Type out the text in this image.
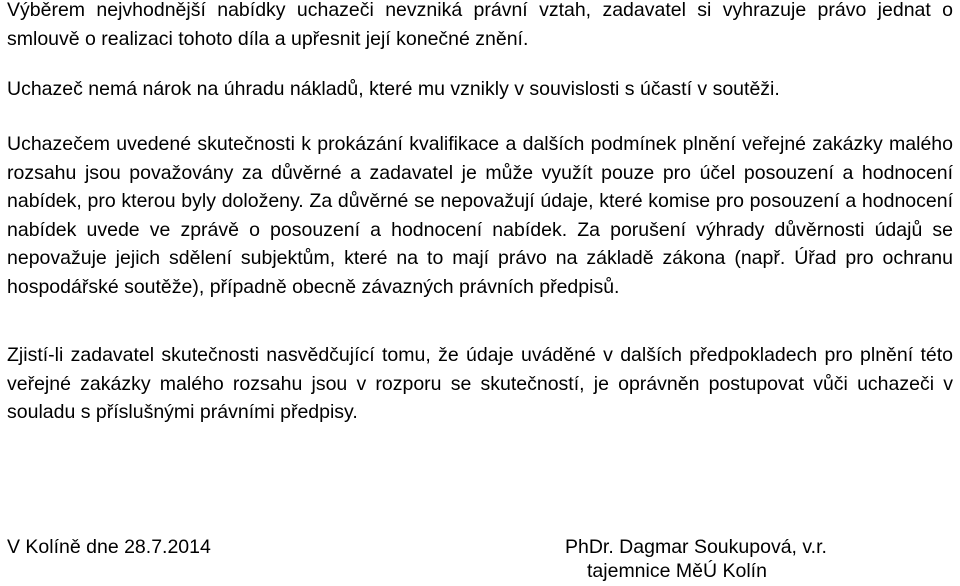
Výběrem nejvhodnější nabídky uchazeči nevzniká právní vztah, zadavatel si vyhrazuje právo jednat o smlouvě o realizaci tohoto díla a upřesnit její konečné znění.

Uchazeč nemá nárok na úhradu nákladů, které mu vznikly v souvislosti s účastí v soutěži.

Uchazečem uvedené skutečnosti k prokázání kvalifikace a dalších podmínek plnění veřejné zakázky malého rozsahu jsou považovány za důvěrné a zadavatel je může využít pouze pro účel posouzení a hodnocení nabídek, pro kterou byly doloženy. Za důvěrné se nepovažují údaje, které komise pro posouzení a hodnocení nabídek uvede ve zprávě o posouzení a hodnocení nabídek. Za porušení výhrady důvěrnosti údajů se nepovažuje jejich sdělení subjektům, které na to mají právo na základě zákona (např. Úřad pro ochranu hospodářské soutěže), případně obecně závazných právních předpisů.

Zjistí-li zadavatel skutečnosti nasvědčující tomu, že údaje uváděné v dalších předpokladech pro plnění této veřejné zakázky malého rozsahu jsou v rozporu se skutečností, je oprávněn postupovat vůči uchazeči v souladu s příslušnými právními předpisy.

V Kolíně dne 28.7.2014	PhDr. Dagmar Soukupová, v.r.

tajemnice MěÚ Kolín
